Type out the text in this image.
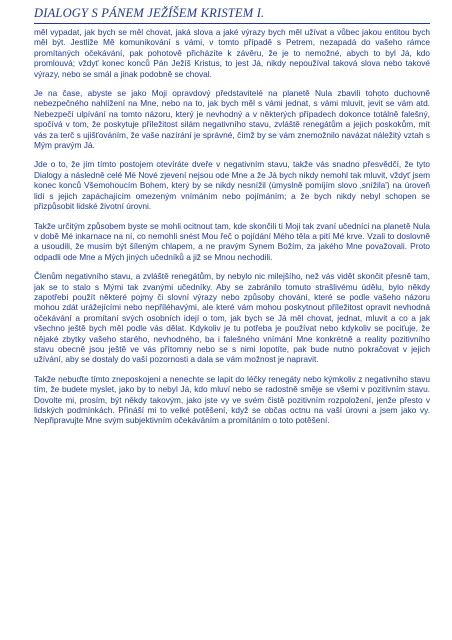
DIALOGY S PÁNEM JEŽÍŠEM KRISTEM I.

měl vypadat, jak bych se měl chovat, jaká slova a jaké výrazy bych měl užívat a vůbec jakou entitou bych měl být. Jestliže Mě komunikování s vámi, v tomto případě s Petrem, nezapadá do vašeho rámce promítaných očekávání, pak pohotově přicházíte k závěru, že je to nemožné, abych to byl Já, kdo promlouvá; vždyť konec konců Pán Ježíš Kristus, to jest Já, nikdy nepoužíval taková slova nebo takové výrazy, nebo se smál a jinak podobně se choval.

Je na čase, abyste se jako Moji opravdový představitelé na planetě Nula zbavili tohoto duchovně nebezpečného nahlížení na Mne, nebo na to, jak bych měl s vámi jednat, s vámi mluvit, jevit se vám atd. Nebezpečí ulpívání na tomto názoru, který je nevhodný a v některých případech dokonce totálně falešný, spočívá v tom, že poskytuje příležitost silám negativního stavu, zvláště renegátům a jejich poskokům, mít vás za terč s ujišťováním, že vaše nazírání je správné, čímž by se vám znemožnilo navázat náležitý vztah s Mým pravým Já.

Jde o to, že jím tímto postojem otevíráte dveře v negativním stavu, takže vás snadno přesvědčí, že tyto Dialogy a následně celé Mé Nové zjevení nejsou ode Mne a že Já bych nikdy nemohl tak mluvit, vždyť jsem konec konců Všemohoucím Bohem, který by se nikdy nesnížil (úmyslně pomíjím slovo ‚snížila') na úroveň lidí s jejich zapáchajícím omezeným vnímáním nebo pojímáním; a že bych nikdy nebyl schopen se přizpůsobit lidské životní úrovni.

Takže určitým způsobem byste se mohli ocitnout tam, kde skončili ti Moji tak zvaní učedníci na planetě Nula v době Mé inkarnace na ní, co nemohli snést Mou řeč o pojídání Mého těla a pití Mé krve. Vzali to doslovně a usoudili, že musím být šíleným chlapem, a ne pravým Synem Božím, za jakého Mne považovali. Proto odpadli ode Mne a Mých jiných učedníků a již se Mnou nechodili.

Členům negativního stavu, a zvláště renegátům, by nebylo nic milejšího, než vás vidět skončit přesně tam, jak se to stalo s Mými tak zvanými učedníky. Aby se zabránilo tomuto strašlivému údělu, bylo někdy zapotřebí použít některé pojmy či slovní výrazy nebo způsoby chování, které se podle vašeho názoru mohou zdát urážejícími nebo nepříléhavými, ale které vám mohou poskytnout příležitost opravit nevhodná očekávání a promítaní svých osobních idejí o tom, jak bych se Já měl chovat, jednat, mluvit a co a jak všechno ještě bych měl podle vás dělat. Kdykoliv je tu potřeba je používat nebo kdykoliv se pociťuje, že nějaké zbytky vašeho starého, nevhodného, ba i falešného vnímání Mne konkrétně a reality pozitivního stavu obecně jsou ještě ve vás přítomny nebo se s nimi lopotíte, pak bude nutno pokračovat v jejich užívání, aby se dostaly do vaší pozornosti a dala se vám možnost je napravit.

Takže nebuďte tímto zneposkojeni a nenechte se lapit do léčky renegáty nebo kýmkoliv z negativního stavu tím, že budete myslet, jako by to nebyl Já, kdo mluví nebo se radostně směje se všemi v pozitivním stavu. Dovolte mi, prosím, být někdy takovým, jako jste vy ve svém čistě pozitivním rozpoložení, jenže přesto v lidských podmínkách. Přináší mi to velké potěšení, když se občas octnu na vaší úrovni a jsem jako vy. Nepřipravujte Mne svým subjektivním očekáváním a promítáním o toto potěšení.
